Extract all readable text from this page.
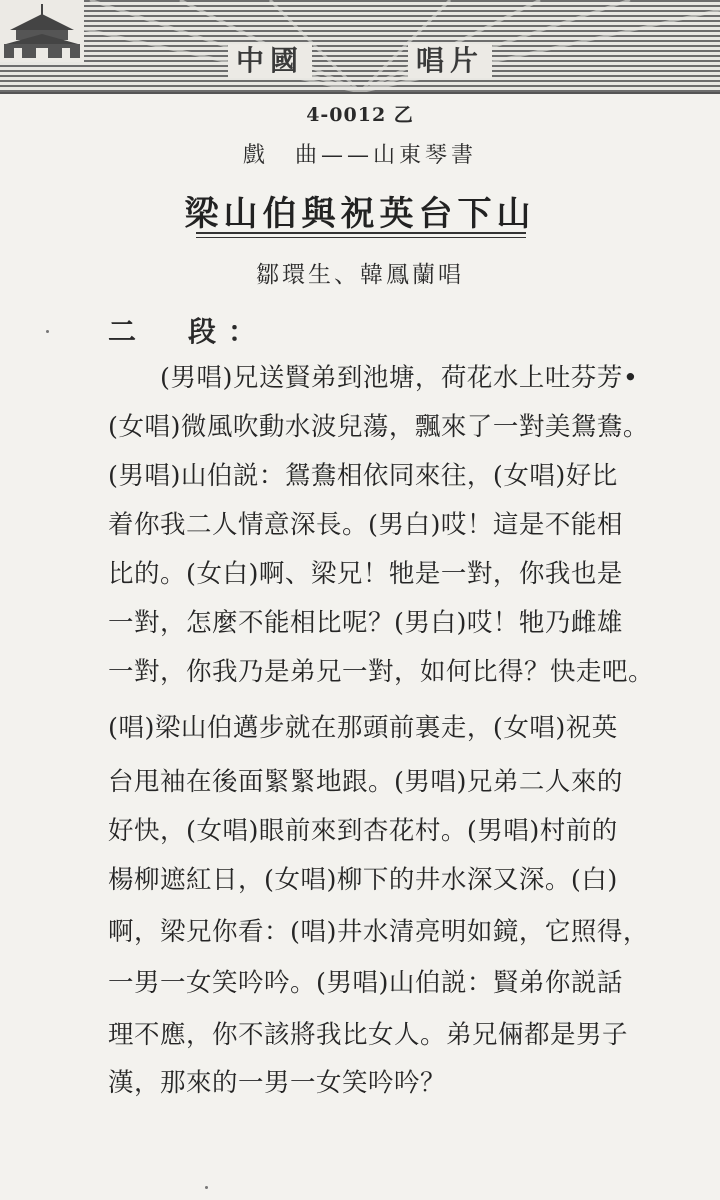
中國	唱片
4-0012 乙
戲　曲——山東琴書
梁山伯與祝英台下山
鄒環生、韓鳳蘭唱
二　段：
　　(男唱)兄送賢弟到池塘，荷花水上吐芬芳•
(女唱)微風吹動水波兒蕩，飄來了一對美鴛鴦。
(男唱)山伯説：鴛鴦相依同來往，(女唱)好比
着你我二人情意深長。(男白)哎！這是不能相
比的。(女白)啊、梁兄！牠是一對，你我也是
一對，怎麼不能相比呢？(男白)哎！牠乃雌雄
一對，你我乃是弟兄一對，如何比得？快走吧。
(唱)梁山伯邁步就在那頭前裏走，(女唱)祝英
台甩袖在後面緊緊地跟。(男唱)兄弟二人來的
好快，(女唱)眼前來到杏花村。(男唱)村前的
楊柳遮紅日，(女唱)柳下的井水深又深。(白)
啊，梁兄你看：(唱)井水清亮明如鏡，它照得，
一男一女笑吟吟。(男唱)山伯説：賢弟你説話
理不應，你不該將我比女人。弟兄倆都是男子
漢，那來的一男一女笑吟吟？
